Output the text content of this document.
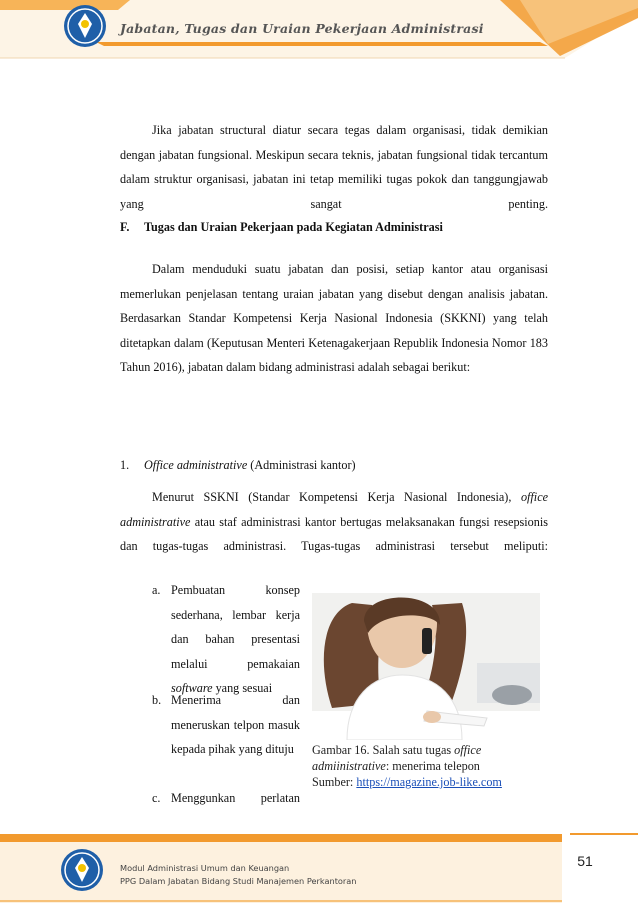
Jabatan, Tugas dan Uraian Pekerjaan Administrasi
Jika jabatan structural diatur secara tegas dalam organisasi, tidak demikian dengan jabatan fungsional. Meskipun secara teknis, jabatan fungsional tidak tercantum dalam struktur organisasi, jabatan ini tetap memiliki tugas pokok dan tanggungjawab yang sangat penting.
F. Tugas dan Uraian Pekerjaan pada Kegiatan Administrasi
Dalam menduduki suatu jabatan dan posisi, setiap kantor atau organisasi memerlukan penjelasan tentang uraian jabatan yang disebut dengan analisis jabatan. Berdasarkan Standar Kompetensi Kerja Nasional Indonesia (SKKNI) yang telah ditetapkan dalam (Keputusan Menteri Ketenagakerjaan Republik Indonesia Nomor 183 Tahun 2016), jabatan dalam bidang administrasi adalah sebagai berikut:
1. Office administrative (Administrasi kantor)
Menurut SSKNI (Standar Kompetensi Kerja Nasional Indonesia), office administrative atau staf administrasi kantor bertugas melaksanakan fungsi resepsionis dan tugas-tugas administrasi. Tugas-tugas administrasi tersebut meliputi:
a. Pembuatan konsep sederhana, lembar kerja dan bahan presentasi melalui pemakaian software yang sesuai
b. Menerima dan meneruskan telpon masuk kepada pihak yang dituju
c. Menggunkan perlatan
Gambar 16. Salah satu tugas office
admiinistrative: menerima telepon
Sumber: https://magazine.job-like.com
Modul Administrasi Umum dan Keuangan
PPG Dalam Jabatan Bidang Studi Manajemen Perkantoran
51
